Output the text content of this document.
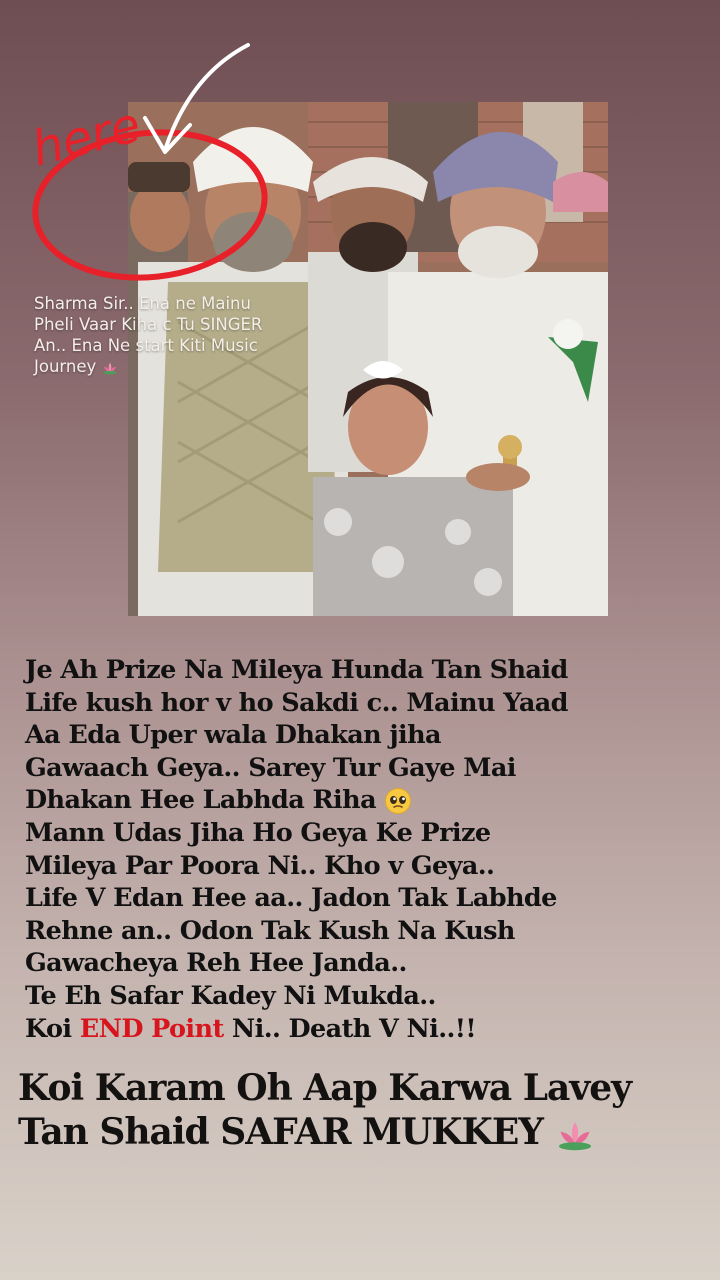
here

Sharma Sir.. Ena ne Mainu
Pheli Vaar Kiha c Tu SINGER
An.. Ena Ne start Kiti Music
Journey

Je Ah Prize Na Mileya Hunda Tan Shaid
Life kush hor v ho Sakdi c.. Mainu Yaad
Aa Eda Uper wala Dhakan jiha
Gawaach Geya.. Sarey Tur Gaye Mai
Dhakan Hee Labhda Riha
Mann Udas Jiha Ho Geya Ke Prize
Mileya Par Poora Ni.. Kho v Geya..
Life V Edan Hee aa.. Jadon Tak Labhde
Rehne an.. Odon Tak Kush Na Kush
Gawacheya Reh Hee Janda..
Te Eh Safar Kadey Ni Mukda..
Koi END Point Ni.. Death V Ni..!!

Koi Karam Oh Aap Karwa Lavey
Tan Shaid SAFAR MUKKEY
